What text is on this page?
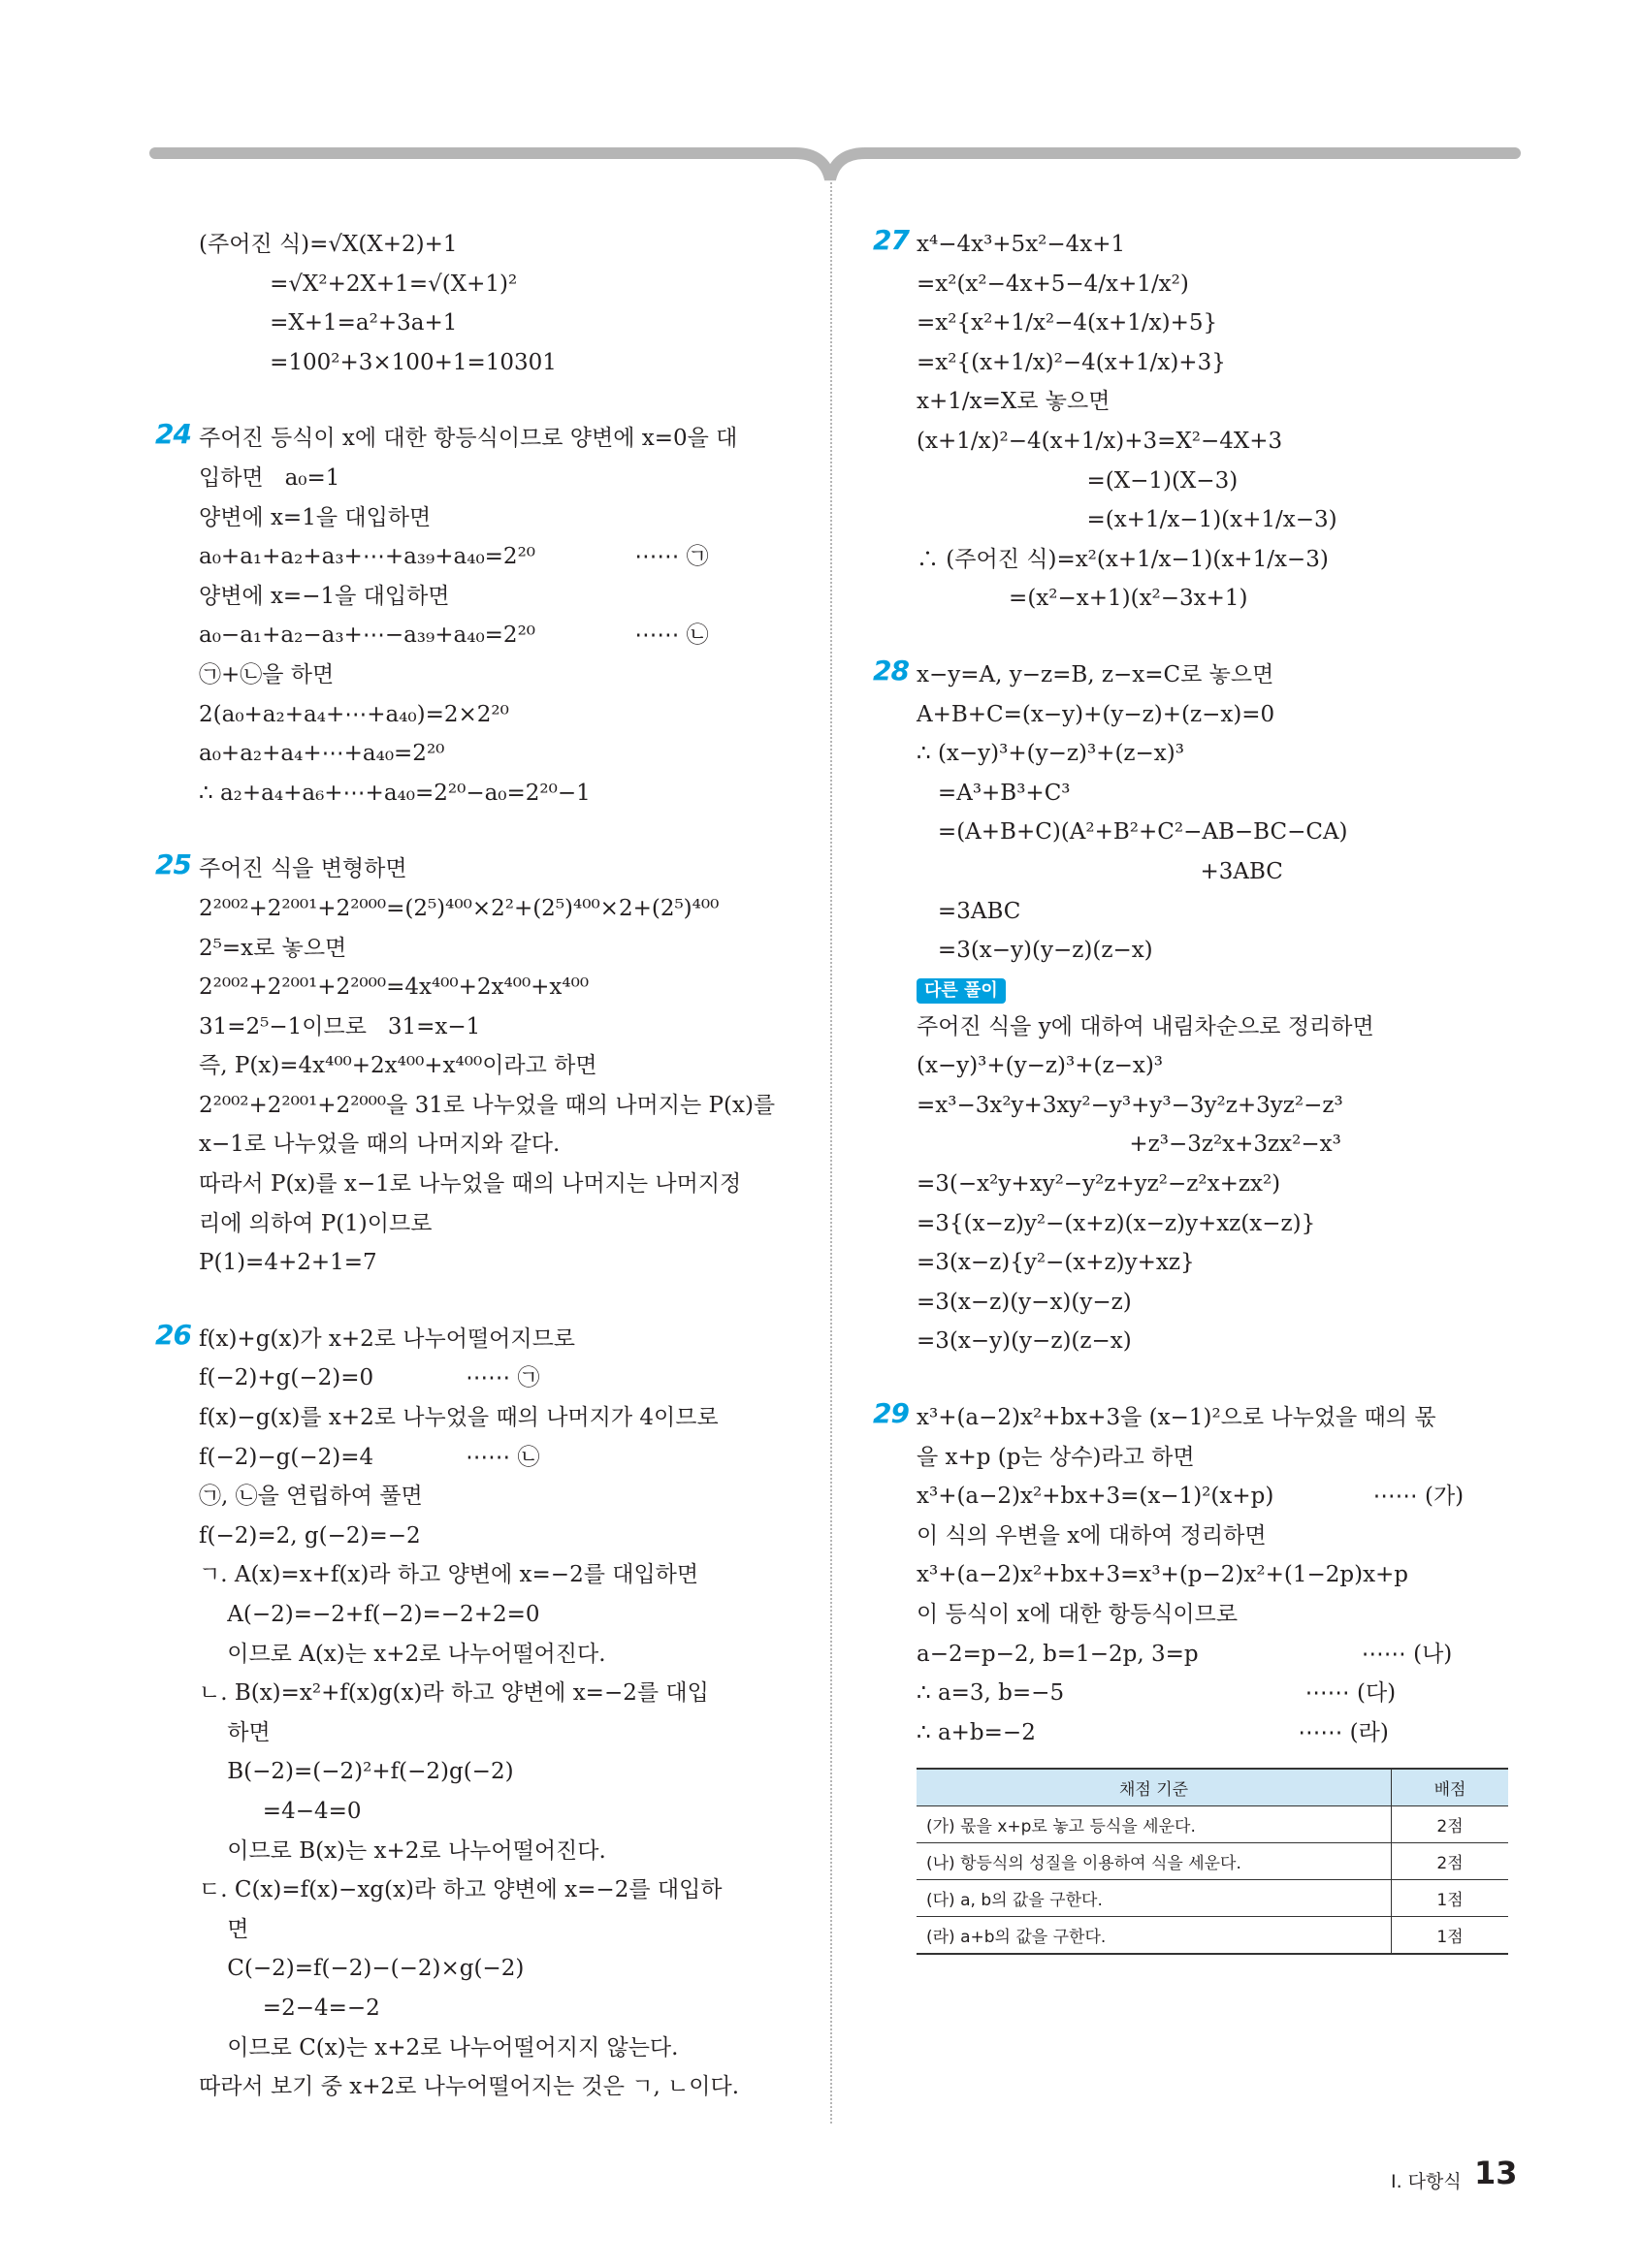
(주어진 식)=√X(X+2)+1
=√X²+2X+1=√(X+1)²
=X+1=a²+3a+1
=100²+3×100+1=10301
24 주어진 등식이 x에 대한 항등식이므로 양변에 x=0을 대
입하면   a₀=1
양변에 x=1을 대입하면
a₀+a₁+a₂+a₃+⋯+a₃₉+a₄₀=2²⁰              ⋯⋯ ㉠
양변에 x=−1을 대입하면
a₀−a₁+a₂−a₃+⋯−a₃₉+a₄₀=2²⁰              ⋯⋯ ㉡
㉠+㉡을 하면
2(a₀+a₂+a₄+⋯+a₄₀)=2×2²⁰
a₀+a₂+a₄+⋯+a₄₀=2²⁰
∴ a₂+a₄+a₆+⋯+a₄₀=2²⁰−a₀=2²⁰−1
25 주어진 식을 변형하면
2²⁰⁰²+2²⁰⁰¹+2²⁰⁰⁰=(2⁵)⁴⁰⁰×2²+(2⁵)⁴⁰⁰×2+(2⁵)⁴⁰⁰
2⁵=x로 놓으면
2²⁰⁰²+2²⁰⁰¹+2²⁰⁰⁰=4x⁴⁰⁰+2x⁴⁰⁰+x⁴⁰⁰
31=2⁵−1이므로   31=x−1
즉, P(x)=4x⁴⁰⁰+2x⁴⁰⁰+x⁴⁰⁰이라고 하면
2²⁰⁰²+2²⁰⁰¹+2²⁰⁰⁰을 31로 나누었을 때의 나머지는 P(x)를
x−1로 나누었을 때의 나머지와 같다.
따라서 P(x)를 x−1로 나누었을 때의 나머지는 나머지정
리에 의하여 P(1)이므로
P(1)=4+2+1=7
26 f(x)+g(x)가 x+2로 나누어떨어지므로
f(−2)+g(−2)=0             ⋯⋯ ㉠
f(x)−g(x)를 x+2로 나누었을 때의 나머지가 4이므로
f(−2)−g(−2)=4             ⋯⋯ ㉡
㉠, ㉡을 연립하여 풀면
f(−2)=2, g(−2)=−2
ㄱ. A(x)=x+f(x)라 하고 양변에 x=−2를 대입하면
A(−2)=−2+f(−2)=−2+2=0
이므로 A(x)는 x+2로 나누어떨어진다.
ㄴ. B(x)=x²+f(x)g(x)라 하고 양변에 x=−2를 대입
하면
B(−2)=(−2)²+f(−2)g(−2)
=4−4=0
이므로 B(x)는 x+2로 나누어떨어진다.
ㄷ. C(x)=f(x)−xg(x)라 하고 양변에 x=−2를 대입하
면
C(−2)=f(−2)−(−2)×g(−2)
=2−4=−2
이므로 C(x)는 x+2로 나누어떨어지지 않는다.
따라서 보기 중 x+2로 나누어떨어지는 것은 ㄱ, ㄴ이다.
27 x⁴−4x³+5x²−4x+1
=x²(x²−4x+5−4/x+1/x²)
=x²{x²+1/x²−4(x+1/x)+5}
=x²{(x+1/x)²−4(x+1/x)+3}
x+1/x=X로 놓으면
(x+1/x)²−4(x+1/x)+3=X²−4X+3
=(X−1)(X−3)
=(x+1/x−1)(x+1/x−3)
∴ (주어진 식)=x²(x+1/x−1)(x+1/x−3)
=(x²−x+1)(x²−3x+1)
28 x−y=A, y−z=B, z−x=C로 놓으면
A+B+C=(x−y)+(y−z)+(z−x)=0
∴ (x−y)³+(y−z)³+(z−x)³
=A³+B³+C³
=(A+B+C)(A²+B²+C²−AB−BC−CA)
+3ABC
=3ABC
=3(x−y)(y−z)(z−x)
다른 풀이
주어진 식을 y에 대하여 내림차순으로 정리하면
(x−y)³+(y−z)³+(z−x)³
=x³−3x²y+3xy²−y³+y³−3y²z+3yz²−z³
+z³−3z²x+3zx²−x³
=3(−x²y+xy²−y²z+yz²−z²x+zx²)
=3{(x−z)y²−(x+z)(x−z)y+xz(x−z)}
=3(x−z){y²−(x+z)y+xz}
=3(x−z)(y−x)(y−z)
=3(x−y)(y−z)(z−x)
29 x³+(a−2)x²+bx+3을 (x−1)²으로 나누었을 때의 몫
을 x+p (p는 상수)라고 하면
x³+(a−2)x²+bx+3=(x−1)²(x+p)              ⋯⋯ (가)
이 식의 우변을 x에 대하여 정리하면
x³+(a−2)x²+bx+3=x³+(p−2)x²+(1−2p)x+p
이 등식이 x에 대한 항등식이므로
a−2=p−2, b=1−2p, 3=p                       ⋯⋯ (나)
∴ a=3, b=−5                                  ⋯⋯ (다)
∴ a+b=−2                                     ⋯⋯ (라)
채점 기준	배점
(가) 몫을 x+p로 놓고 등식을 세운다.	2점
(나) 항등식의 성질을 이용하여 식을 세운다.	2점
(다) a, b의 값을 구한다.	1점
(라) a+b의 값을 구한다.	1점
Ⅰ. 다항식 13
